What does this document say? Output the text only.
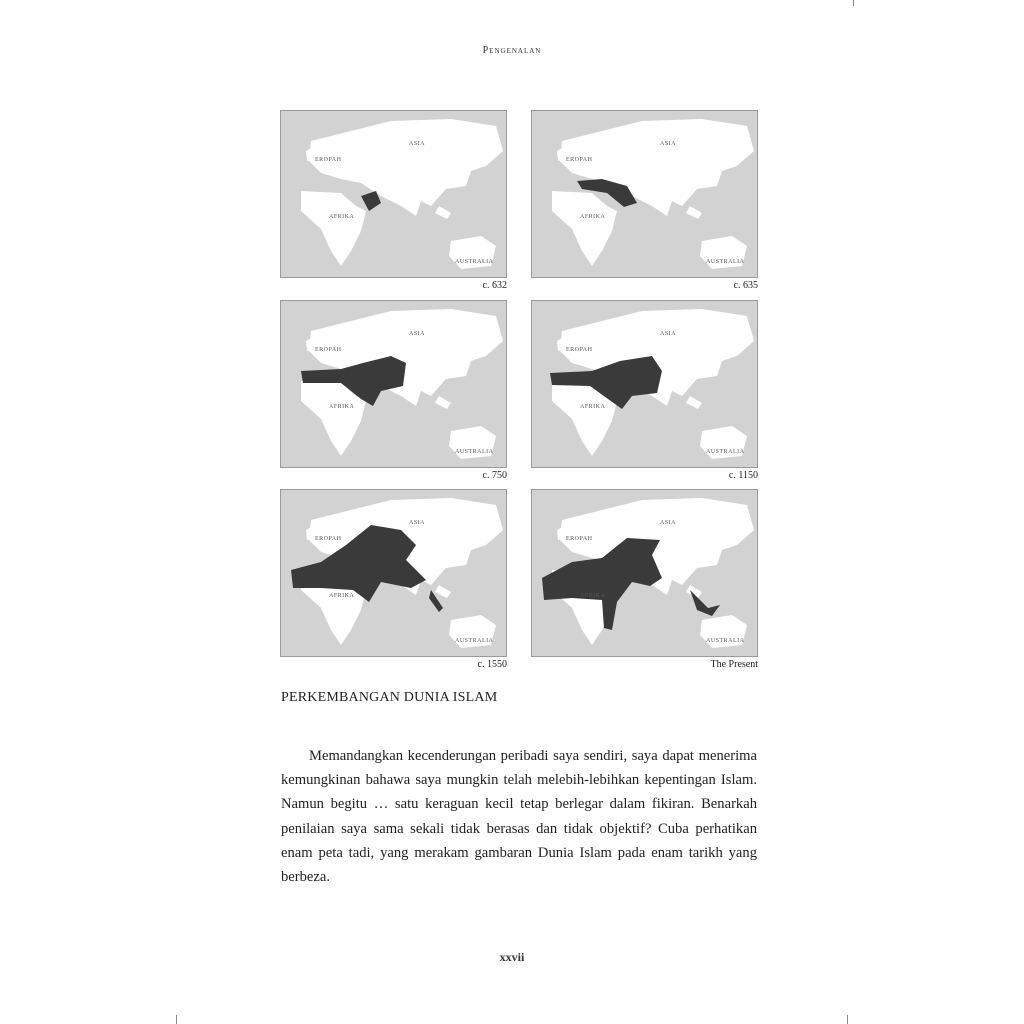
Pengenalan
ASIA
EROPAH
AFRIKA
AUSTRALIA
c. 632
ASIA
EROPAH
AFRIKA
AUSTRALIA
c. 635
ASIA
EROPAH
AFRIKA
AUSTRALIA
c. 750
ASIA
EROPAH
AFRIKA
AUSTRALIA
c. 1150
ASIA
EROPAH
AFRIKA
AUSTRALIA
c. 1550
ASIA
EROPAH
AFRIKA
AUSTRALIA
The Present
PERKEMBANGAN DUNIA ISLAM

Memandangkan kecenderungan peribadi saya sendiri, saya dapat menerima kemungkinan bahawa saya mungkin telah melebih-lebihkan kepentingan Islam. Namun begitu … satu keraguan kecil tetap berlegar dalam fikiran. Benarkah penilaian saya sama sekali tidak berasas dan tidak objektif? Cuba perhatikan enam peta tadi, yang merakam gambaran Dunia Islam pada enam tarikh yang berbeza.

xxvii
